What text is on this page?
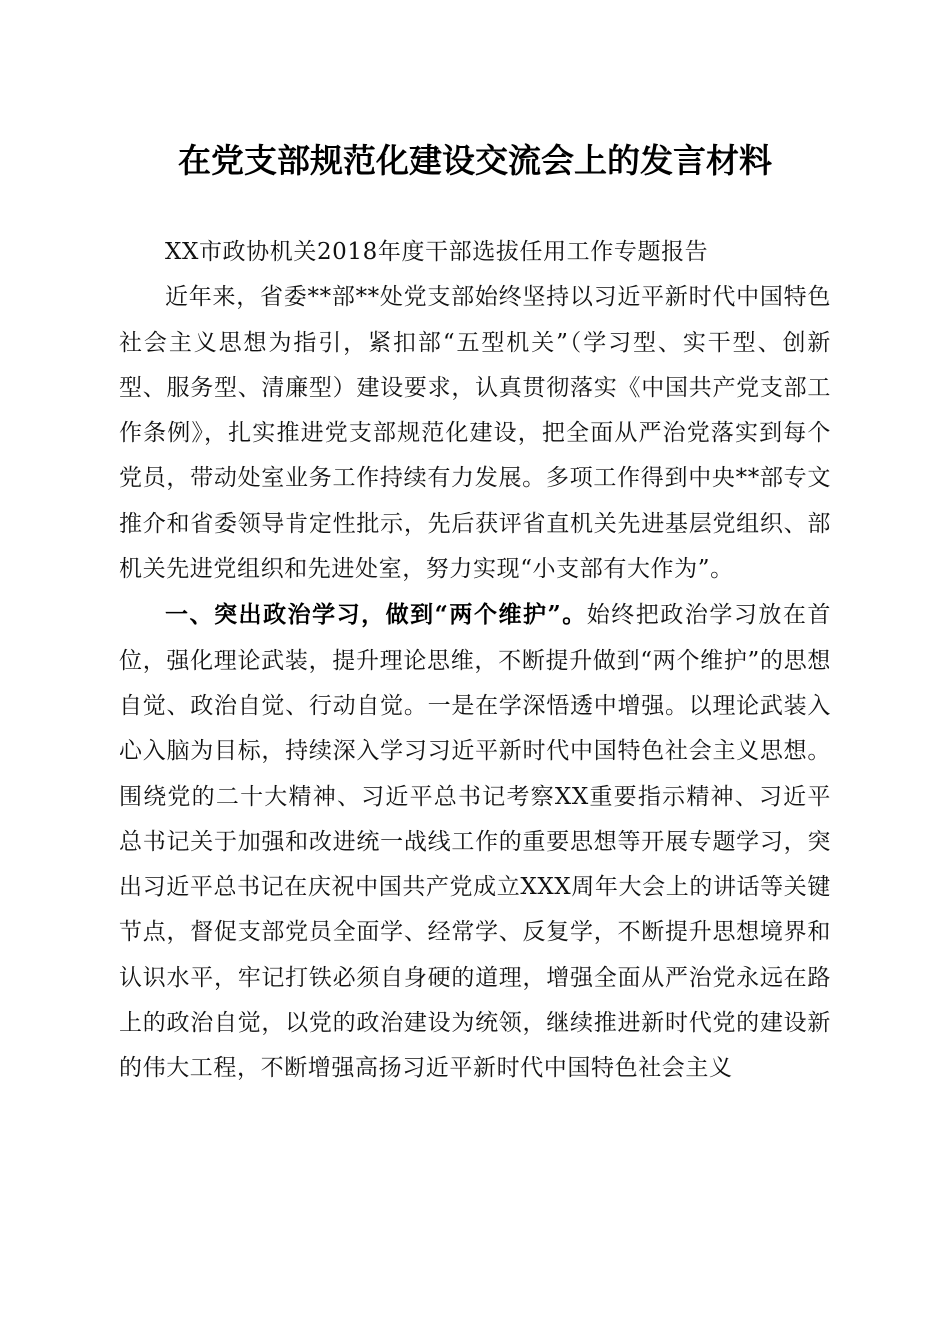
在党支部规范化建设交流会上的发言材料

XX市政协机关2018年度干部选拔任用工作专题报告

近年来，省委**部**处党支部始终坚持以习近平新时代中国特色社会主义思想为指引，紧扣部“五型机关”（学习型、实干型、创新型、服务型、清廉型）建设要求，认真贯彻落实《中国共产党支部工作条例》，扎实推进党支部规范化建设，把全面从严治党落实到每个党员，带动处室业务工作持续有力发展。多项工作得到中央**部专文推介和省委领导肯定性批示，先后获评省直机关先进基层党组织、部机关先进党组织和先进处室，努力实现“小支部有大作为”。

一、突出政治学习，做到“两个维护”。始终把政治学习放在首位，强化理论武装，提升理论思维，不断提升做到“两个维护”的思想自觉、政治自觉、行动自觉。一是在学深悟透中增强。以理论武装入心入脑为目标，持续深入学习习近平新时代中国特色社会主义思想。围绕党的二十大精神、习近平总书记考察XX重要指示精神、习近平总书记关于加强和改进统一战线工作的重要思想等开展专题学习，突出习近平总书记在庆祝中国共产党成立XXX周年大会上的讲话等关键节点，督促支部党员全面学、经常学、反复学，不断提升思想境界和认识水平，牢记打铁必须自身硬的道理，增强全面从严治党永远在路上的政治自觉，以党的政治建设为统领，继续推进新时代党的建设新的伟大工程，不断增强高扬习近平新时代中国特色社会主义
